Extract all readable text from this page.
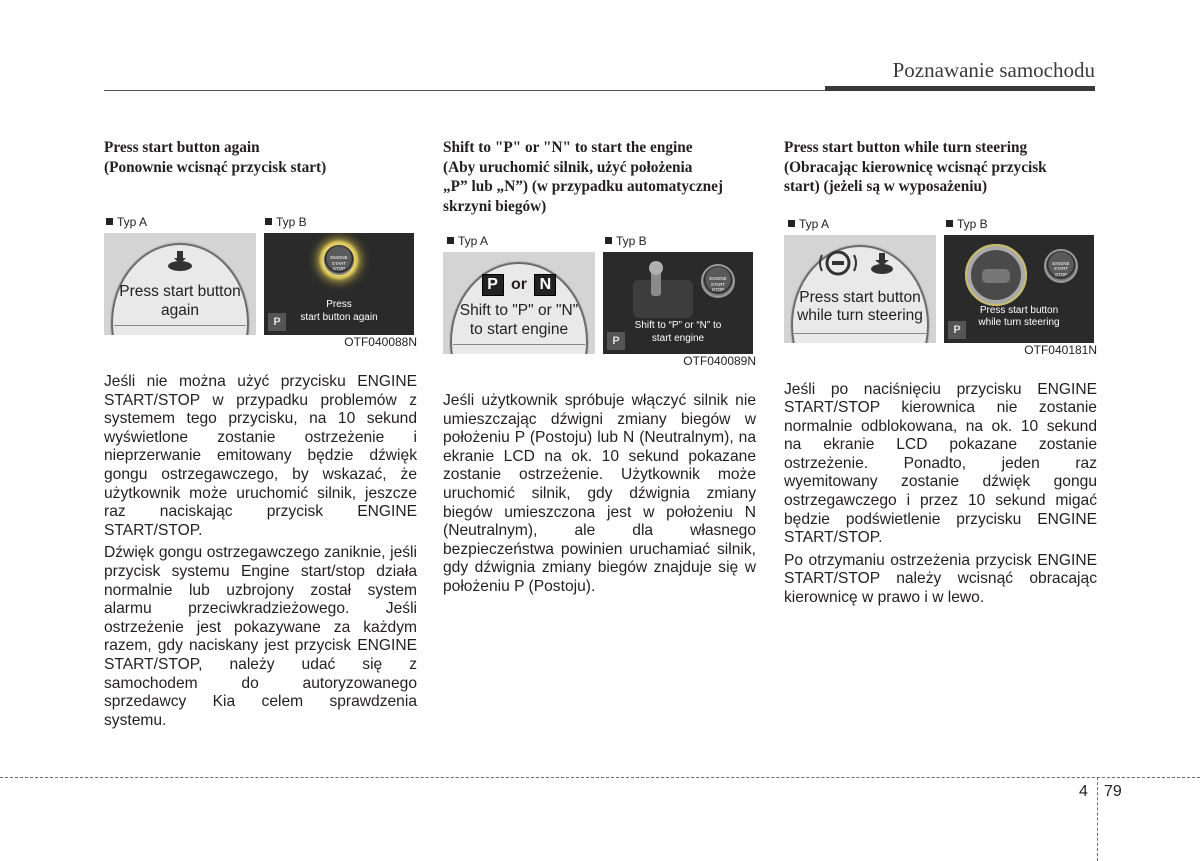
Poznawanie samochodu

Press start button again
(Ponownie wcisnąć przycisk start)

Typ A	Typ B
Press start button
again
ENGINE
START
STOP
Press
start button again
P
OTF040088N

Jeśli nie można użyć przycisku ENGINE START/STOP w przypadku problemów z systemem tego przycisku, na 10 sekund wyświetlone zostanie ostrzeżenie i nieprzerwanie emitowany będzie dźwięk gongu ostrzegawczego, by wskazać, że użytkownik może uruchomić silnik, jeszcze raz naciskając przycisk ENGINE START/STOP.

Dźwięk gongu ostrzegawczego zaniknie, jeśli przycisk systemu Engine start/stop działa normalnie lub uzbrojony został system alarmu przeciwkradzieżowego. Jeśli ostrzeżenie jest pokazywane za każdym razem, gdy naciskany jest przycisk ENGINE START/STOP, należy udać się z samochodem do autoryzowanego sprzedawcy Kia celem sprawdzenia systemu.

Shift to "P" or "N" to start the engine
(Aby uruchomić silnik, użyć położenia
„P” lub „N”) (w przypadku automatycznej
skrzyni biegów)

Typ A	Typ B
P or N
Shift to "P" or "N"
to start engine
ENGINE
START
STOP
Shift to “P” or “N” to
start engine
P
OTF040089N

Jeśli użytkownik spróbuje włączyć silnik nie umieszczając dźwigni zmiany biegów w położeniu P (Postoju) lub N (Neutralnym), na ekranie LCD na ok. 10 sekund pokazane zostanie ostrzeżenie. Użytkownik może uruchomić silnik, gdy dźwignia zmiany biegów umieszczona jest w położeniu N (Neutralnym), ale dla własnego bezpieczeństwa powinien uruchamiać silnik, gdy dźwignia zmiany biegów znajduje się w położeniu P (Postoju).

Press start button while turn steering
(Obracając kierownicę wcisnąć przycisk
start) (jeżeli są w wyposażeniu)

Typ A	Typ B
Press start button
while turn steering
ENGINE
START
STOP
Press start button
while turn steering
P
OTF040181N

Jeśli po naciśnięciu przycisku ENGINE START/STOP kierownica nie zostanie normalnie odblokowana, na ok. 10 sekund na ekranie LCD pokazane zostanie ostrzeżenie. Ponadto, jeden raz wyemitowany zostanie dźwięk gongu ostrzegawczego i przez 10 sekund migać będzie podświetlenie przycisku ENGINE START/STOP.

Po otrzymaniu ostrzeżenia przycisk ENGINE START/STOP należy wcisnąć obracając kierownicę w prawo i w lewo.

4 79
